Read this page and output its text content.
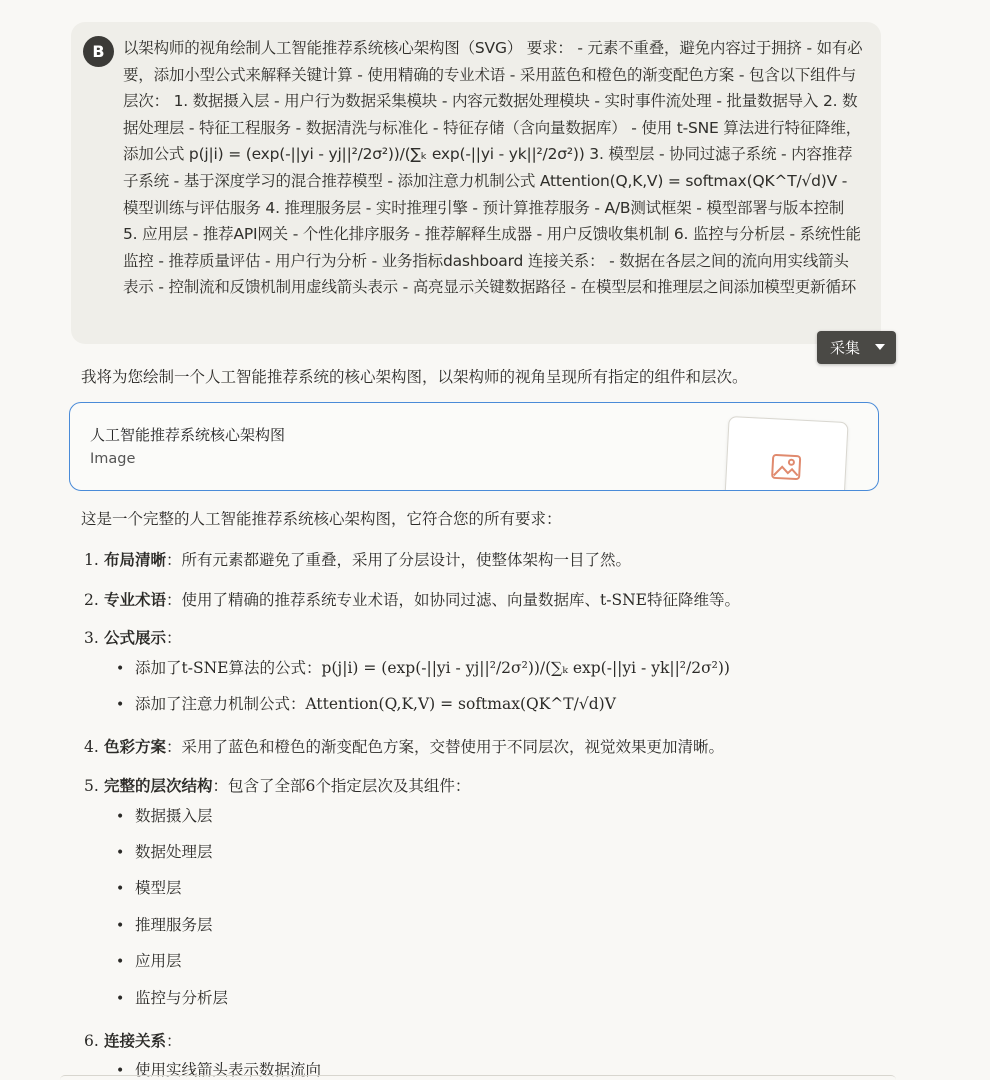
B	以架构师的视角绘制人工智能推荐系统核心架构图（SVG） 要求： - 元素不重叠，避免内容过于拥挤 - 如有必要，添加小型公式来解释关键计算 - 使用精确的专业术语 - 采用蓝色和橙色的渐变配色方案 - 包含以下组件与层次： 1. 数据摄入层 - 用户行为数据采集模块 - 内容元数据处理模块 - 实时事件流处理 - 批量数据导入 2. 数据处理层 - 特征工程服务 - 数据清洗与标准化 - 特征存储（含向量数据库） - 使用 t-SNE 算法进行特征降维，添加公式 p(j|i) = (exp(-||yi - yj||²/2σ²))/(∑ₖ exp(-||yi - yk||²/2σ²)) 3. 模型层 - 协同过滤子系统 - 内容推荐子系统 - 基于深度学习的混合推荐模型 - 添加注意力机制公式 Attention(Q,K,V) = softmax(QK^T/√d)V - 模型训练与评估服务 4. 推理服务层 - 实时推理引擎 - 预计算推荐服务 - A/B测试框架 - 模型部署与版本控制 5. 应用层 - 推荐API网关 - 个性化排序服务 - 推荐解释生成器 - 用户反馈收集机制 6. 监控与分析层 - 系统性能监控 - 推荐质量评估 - 用户行为分析 - 业务指标dashboard 连接关系： - 数据在各层之间的流向用实线箭头表示 - 控制流和反馈机制用虚线箭头表示 - 高亮显示关键数据路径 - 在模型层和推理层之间添加模型更新循环
采集
我将为您绘制一个人工智能推荐系统的核心架构图，以架构师的视角呈现所有指定的组件和层次。
人工智能推荐系统核心架构图
Image
这是一个完整的人工智能推荐系统核心架构图，它符合您的所有要求：
1. 布局清晰：所有元素都避免了重叠，采用了分层设计，使整体架构一目了然。
2. 专业术语：使用了精确的推荐系统专业术语，如协同过滤、向量数据库、t-SNE特征降维等。
3. 公式展示：
• 添加了t-SNE算法的公式：p(j|i) = (exp(-||yi - yj||²/2σ²))/(∑ₖ exp(-||yi - yk||²/2σ²))
• 添加了注意力机制公式：Attention(Q,K,V) = softmax(QK^T/√d)V
4. 色彩方案：采用了蓝色和橙色的渐变配色方案，交替使用于不同层次，视觉效果更加清晰。
5. 完整的层次结构：包含了全部6个指定层次及其组件：
• 数据摄入层
• 数据处理层
• 模型层
• 推理服务层
• 应用层
• 监控与分析层
6. 连接关系：
• 使用实线箭头表示数据流向
